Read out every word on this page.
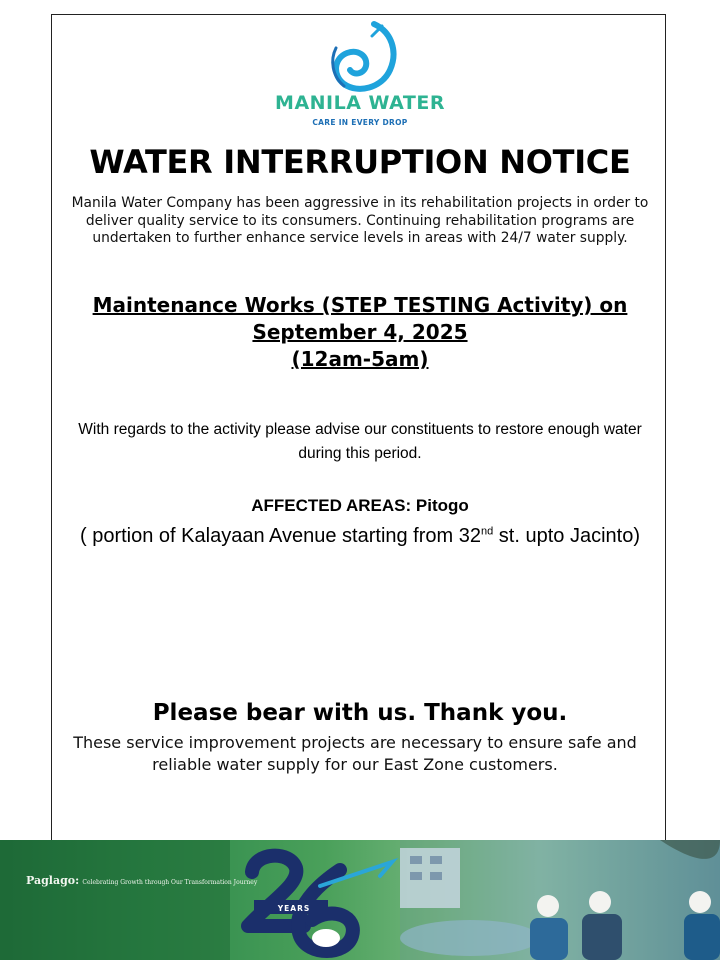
MANILA WATER
CARE IN EVERY DROP
WATER INTERRUPTION NOTICE
Manila Water Company has been aggressive in its rehabilitation projects in order to deliver quality service to its consumers. Continuing rehabilitation programs are undertaken to further enhance service levels in areas with 24/7 water supply.
Maintenance Works (STEP TESTING Activity) on
September 4, 2025
(12am-5am)
With regards to the activity please advise our constituents to restore enough water during this period.
AFFECTED AREAS: Pitogo
( portion of Kalayaan Avenue starting from 32nd st. upto Jacinto)
Please bear with us. Thank you.
These service improvement projects are necessary to ensure safe and reliable water supply for our East Zone customers.
Paglago: Celebrating Growth through Our Transformation Journey
YEARS
